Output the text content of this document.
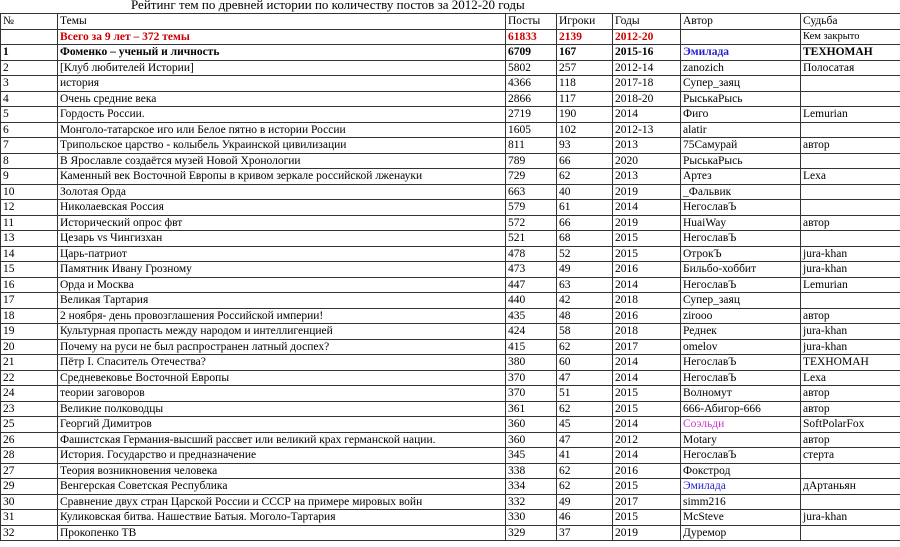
Рейтинг тем по древней истории по количеству постов за 2012-20 годы
№	Темы	Посты	Игроки	Годы	Автор	Судьба
	Всего за 9 лет – 372 темы	61833	2139	2012-20		Кем закрыто
1	Фоменко – ученый и личность	6709	167	2015-16	Эмилада	ТЕХНОМАН
2	[Клуб любителей Истории]	5802	257	2012-14	zanozich	Полосатая
3	история	4366	118	2017-18	Супер_заяц	
4	Очень средние века	2866	117	2018-20	РыськаРысь	
5	Гордость России.	2719	190	2014	Фиго	Lemurian
6	Монголо-татарское иго или Белое пятно в истории России	1605	102	2012-13	alatir	
7	Трипольское царство - колыбель Украинской цивилизации	811	93	2013	75Самурай	автор
8	В Ярославле создаётся музей Новой Хронологии	789	66	2020	РыськаРысь	
9	Каменный век Восточной Европы в кривом зеркале российской лженауки	729	62	2013	Артез	Lexa
10	Золотая Орда	663	40	2019	_Фальвик	
12	Николаевская Россия	579	61	2014	НегославЪ	
11	Исторический опрос фвт	572	66	2019	HuaiWay	автор
13	Цезарь vs Чингизхан	521	68	2015	НегославЪ	
14	Царь-патриот	478	52	2015	ОтрокЪ	jura-khan
15	Памятник Ивану Грозному	473	49	2016	Бильбо-хоббит	jura-khan
16	Орда и Москва	447	63	2014	НегославЪ	Lemurian
17	Великая Тартария	440	42	2018	Супер_заяц	
18	2 ноября- день провозглашения Российской империи!	435	48	2016	zirooo	автор
19	Культурная пропасть между народом и интеллигенцией	424	58	2018	Реднек	jura-khan
20	Почему на руси не был распространен латный доспех?	415	62	2017	omelov	jura-khan
21	Пётр I. Спаситель Отечества?	380	60	2014	НегославЪ	ТЕХНОМАН
22	Средневековье Восточной Европы	370	47	2014	НегославЪ	Lexa
24	теории заговоров	370	51	2015	Волномут	автор
23	Великие полководцы	361	62	2015	666-Абигор-666	автор
25	Георгий Димитров	360	45	2014	Соэльди	SoftPolarFox
26	Фашистская Германия-высший рассвет или великий крах германской нации.	360	47	2012	Motary	автор
28	История. Государство и предназначение	345	41	2014	НегославЪ	стерта
27	Теория возникновения человека	338	62	2016	Фокстрод	
29	Венгерская Советская Республика	334	62	2015	Эмилада	дАртаньян
30	Сравнение двух стран Царской России и СССР на примере мировых войн	332	49	2017	simm216	
31	Куликовская битва. Нашествие Батыя. Моголо-Тартария	330	46	2015	McSteve	jura-khan
32	Прокопенко ТВ	329	37	2019	Дуремор	
